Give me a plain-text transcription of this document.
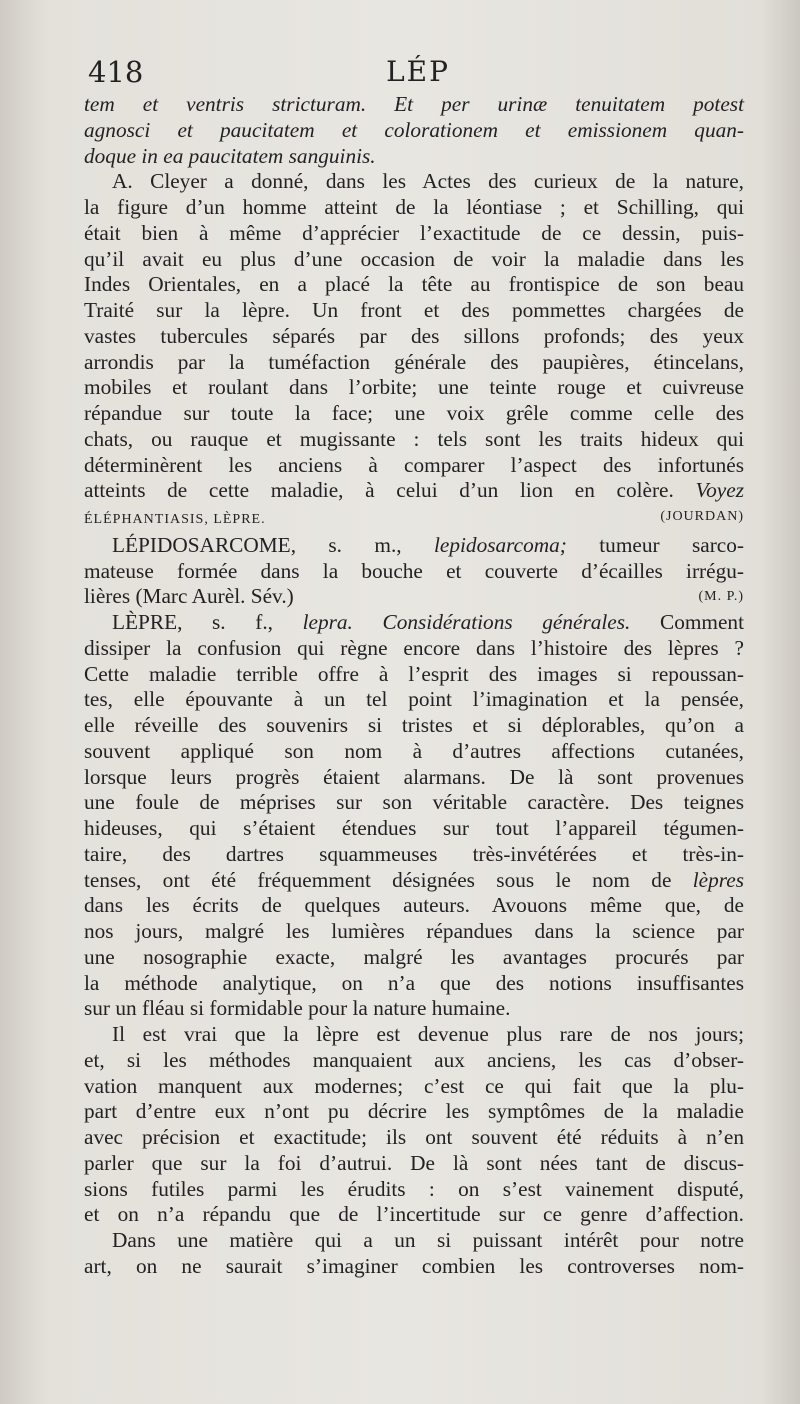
418	LÉP

tem et ventris stricturam. Et per urinæ tenuitatem potest
agnosci et paucitatem et colorationem et emissionem quan-
doque in ea paucitatem sanguinis.

A. Cleyer a donné, dans les Actes des curieux de la nature,
la figure d’un homme atteint de la léontiase ; et Schilling, qui
était bien à même d’apprécier l’exactitude de ce dessin, puis-
qu’il avait eu plus d’une occasion de voir la maladie dans les
Indes Orientales, en a placé la tête au frontispice de son beau
Traité sur la lèpre. Un front et des pommettes chargées de
vastes tubercules séparés par des sillons profonds; des yeux
arrondis par la tuméfaction générale des paupières, étincelans,
mobiles et roulant dans l’orbite; une teinte rouge et cuivreuse
répandue sur toute la face; une voix grêle comme celle des
chats, ou rauque et mugissante : tels sont les traits hideux qui
déterminèrent les anciens à comparer l’aspect des infortunés
atteints de cette maladie, à celui d’un lion en colère. Voyez
ÉLÉPHANTIASIS, LÈPRE.	(JOURDAN)

LÉPIDOSARCOME, s. m., lepidosarcoma; tumeur sarco-
mateuse formée dans la bouche et couverte d’écailles irrégu-
lières (Marc Aurèl. Sév.)	(M. P.)

LÈPRE, s. f., lepra. Considérations générales. Comment
dissiper la confusion qui règne encore dans l’histoire des lèpres ?
Cette maladie terrible offre à l’esprit des images si repoussan-
tes, elle épouvante à un tel point l’imagination et la pensée,
elle réveille des souvenirs si tristes et si déplorables, qu’on a
souvent appliqué son nom à d’autres affections cutanées,
lorsque leurs progrès étaient alarmans. De là sont provenues
une foule de méprises sur son véritable caractère. Des teignes
hideuses, qui s’étaient étendues sur tout l’appareil tégumen-
taire, des dartres squammeuses très-invétérées et très-in-
tenses, ont été fréquemment désignées sous le nom de lèpres
dans les écrits de quelques auteurs. Avouons même que, de
nos jours, malgré les lumières répandues dans la science par
une nosographie exacte, malgré les avantages procurés par
la méthode analytique, on n’a que des notions insuffisantes
sur un fléau si formidable pour la nature humaine.

Il est vrai que la lèpre est devenue plus rare de nos jours;
et, si les méthodes manquaient aux anciens, les cas d’obser-
vation manquent aux modernes; c’est ce qui fait que la plu-
part d’entre eux n’ont pu décrire les symptômes de la maladie
avec précision et exactitude; ils ont souvent été réduits à n’en
parler que sur la foi d’autrui. De là sont nées tant de discus-
sions futiles parmi les érudits : on s’est vainement disputé,
et on n’a répandu que de l’incertitude sur ce genre d’affection.

Dans une matière qui a un si puissant intérêt pour notre
art, on ne saurait s’imaginer combien les controverses nom-
